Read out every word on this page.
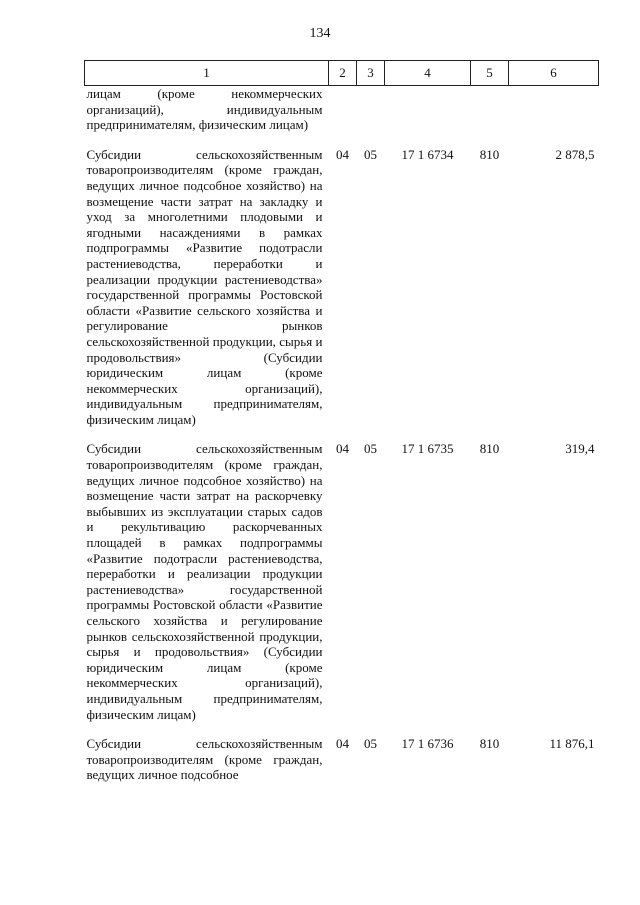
134
1	2	3	4	5	6
лицам (кроме некоммерческих организаций), индивидуальным предпринимателям, физическим лицам)					
Субсидии сельскохозяйственным товаропроизводителям (кроме граждан, ведущих личное подсобное хозяйство) на возмещение части затрат на закладку и уход за многолетними плодовыми и ягодными насаждениями в рамках подпрограммы «Развитие подотрасли растениеводства, переработки и реализации продукции растениеводства» государственной программы Ростовской области «Развитие сельского хозяйства и регулирование рынков сельскохозяйственной продукции, сырья и продовольствия» (Субсидии юридическим лицам (кроме некоммерческих организаций), индивидуальным предпринимателям, физическим лицам)	04	05	17 1 6734	810	2 878,5
Субсидии сельскохозяйственным товаропроизводителям (кроме граждан, ведущих личное подсобное хозяйство) на возмещение части затрат на раскорчевку выбывших из эксплуатации старых садов и рекультивацию раскорчеванных площадей в рамках подпрограммы «Развитие подотрасли растениеводства, переработки и реализации продукции растениеводства» государственной программы Ростовской области «Развитие сельского хозяйства и регулирование рынков сельскохозяйственной продукции, сырья и продовольствия» (Субсидии юридическим лицам (кроме некоммерческих организаций), индивидуальным предпринимателям, физическим лицам)	04	05	17 1 6735	810	319,4
Субсидии сельскохозяйственным товаропроизводителям (кроме граждан, ведущих личное подсобное	04	05	17 1 6736	810	11 876,1
